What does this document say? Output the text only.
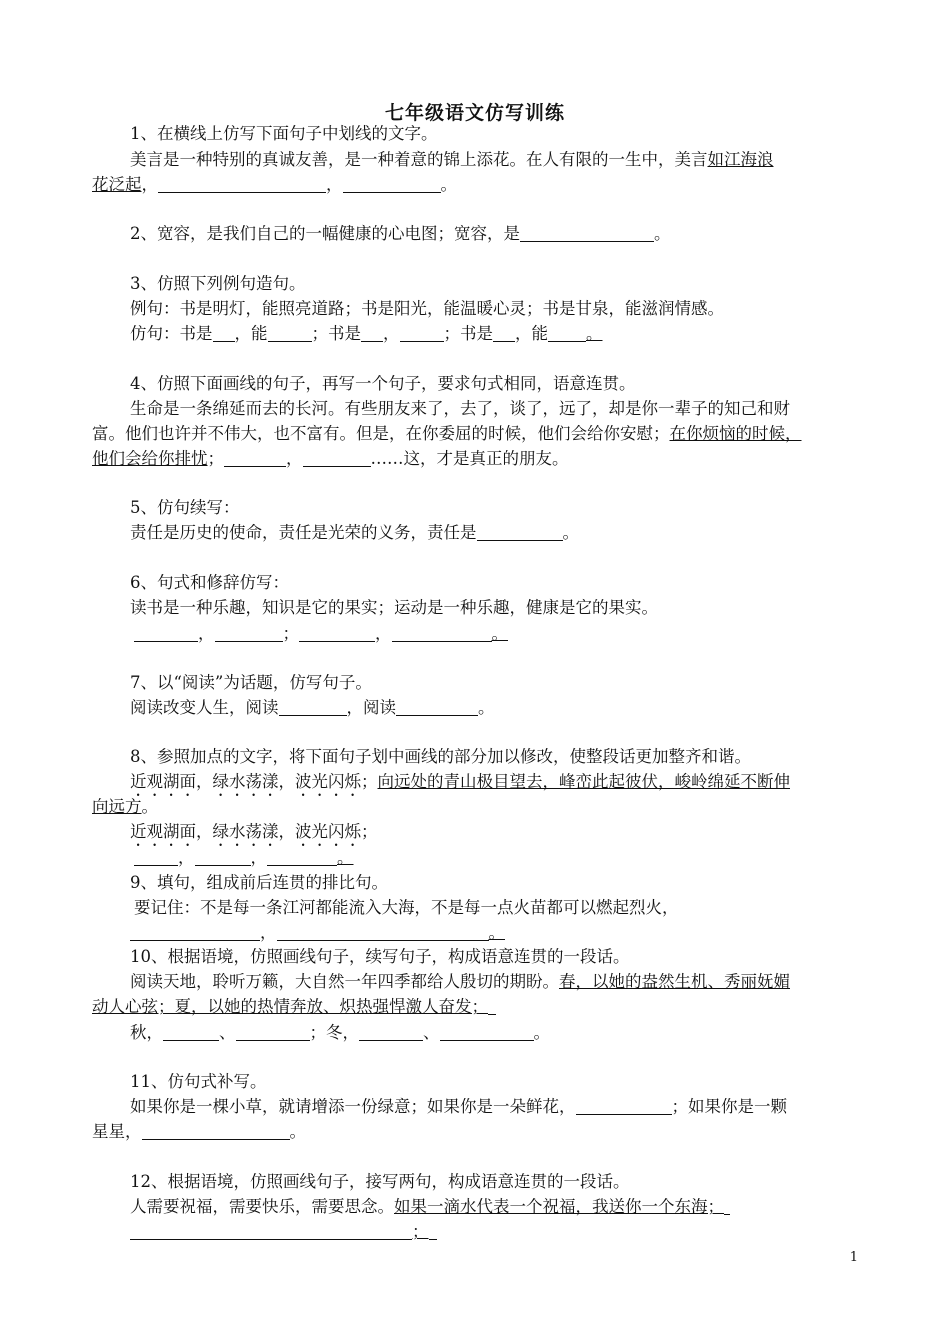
七年级语文仿写训练
1、在横线上仿写下面句子中划线的文字。
美言是一种特别的真诚友善，是一种着意的锦上添花。在人有限的一生中，美言如江海浪
花泛起，	，	。
2、宽容，是我们自己的一幅健康的心电图；宽容，是	。
3、仿照下列例句造句。
例句：书是明灯，能照亮道路；书是阳光，能温暖心灵；书是甘泉，能滋润情感。
仿句：书是 ，能	；书是 ，	；书是 ，能 。
4、仿照下面画线的句子，再写一个句子，要求句式相同，语意连贯。
生命是一条绵延而去的长河。有些朋友来了，去了，谈了，远了，却是你一辈子的知己和财
富。他们也许并不伟大，也不富有。但是，在你委屈的时候，他们会给你安慰；在你烦恼的时候，
他们会给你排忧；	，	……这，才是真正的朋友。
5、仿句续写：
责任是历史的使命，责任是光荣的义务，责任是	。
6、句式和修辞仿写：
读书是一种乐趣，知识是它的果实；运动是一种乐趣，健康是它的果实。
，	；	，	。
7、以“阅读”为话题，仿写句子。
阅读改变人生，阅读	，阅读	。
8、参照加点的文字，将下面句子划中画线的部分加以修改，使整段话更加整齐和谐。
近观湖面，绿水荡漾，波光闪烁；向远处的青山极目望去，峰峦此起彼伏，峻岭绵延不断伸
向远方。
近观湖面，绿水荡漾，波光闪烁；
，	，	。
9、填句，组成前后连贯的排比句。
要记住：不是每一条江河都能流入大海，不是每一点火苗都可以燃起烈火，
，	。
10、根据语境，仿照画线句子，续写句子，构成语意连贯的一段话。
阅读天地，聆听万籁，大自然一年四季都给人殷切的期盼。春，以她的盎然生机、秀丽妩媚
动人心弦；夏，以她的热情奔放、炽热强悍激人奋发；
秋，	、	；冬，	、	。
11、仿句式补写。
如果你是一棵小草，就请增添一份绿意；如果你是一朵鲜花，	；如果你是一颗
星星，	。
12、根据语境，仿照画线句子，接写两句，构成语意连贯的一段话。
人需要祝福，需要快乐，需要思念。如果一滴水代表一个祝福，我送你一个东海；
；
1
